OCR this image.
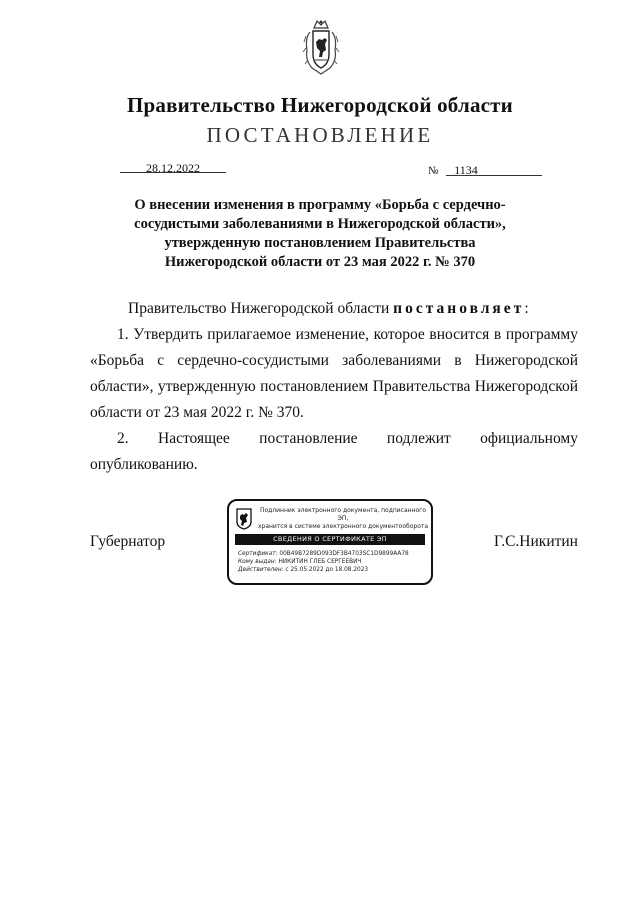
Правительство Нижегородской области
ПОСТАНОВЛЕНИЕ
28.12.2022	№	1134
О внесении изменения в программу «Борьба с сердечно-сосудистыми заболеваниями в Нижегородской области», утвержденную постановлением Правительства Нижегородской области от 23 мая 2022 г. № 370
Правительство Нижегородской области постановляет:
1. Утвердить прилагаемое изменение, которое вносится в программу «Борьба с сердечно-сосудистыми заболеваниями в Нижегородской области», утвержденную постановлением Правительства Нижегородской области от 23 мая 2022 г. № 370.
2. Настоящее постановление подлежит официальному опубликованию.
Губернатор	Г.С.Никитин
Подлинник электронного документа, подписанного ЭП,
хранится в системе электронного документооборота
СВЕДЕНИЯ О СЕРТИФИКАТЕ ЭП
Сертификат: 00B49B7289D093DF3B4703SC1D9899AA78
Кому выдан: НИКИТИН ГЛЕБ СЕРГЕЕВИЧ
Действителен: с 25.05.2022 до 18.08.2023
